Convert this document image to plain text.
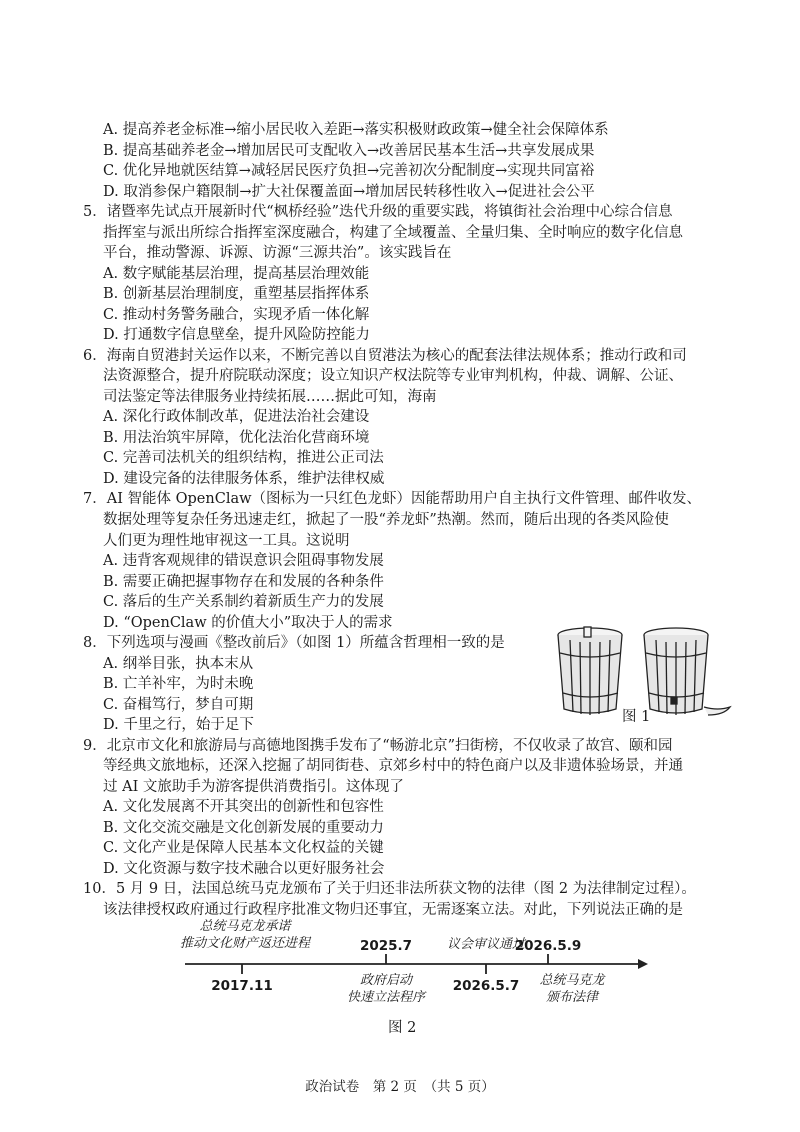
A. 提高养老金标准→缩小居民收入差距→落实积极财政政策→健全社会保障体系
B. 提高基础养老金→增加居民可支配收入→改善居民基本生活→共享发展成果
C. 优化异地就医结算→减轻居民医疗负担→完善初次分配制度→实现共同富裕
D. 取消参保户籍限制→扩大社保覆盖面→增加居民转移性收入→促进社会公平
5．诸暨率先试点开展新时代“枫桥经验”迭代升级的重要实践，将镇街社会治理中心综合信息
指挥室与派出所综合指挥室深度融合，构建了全域覆盖、全量归集、全时响应的数字化信息
平台，推动警源、诉源、访源“三源共治”。该实践旨在
A. 数字赋能基层治理，提高基层治理效能
B. 创新基层治理制度，重塑基层指挥体系
C. 推动村务警务融合，实现矛盾一体化解
D. 打通数字信息壁垒，提升风险防控能力
6．海南自贸港封关运作以来，不断完善以自贸港法为核心的配套法律法规体系；推动行政和司
法资源整合，提升府院联动深度；设立知识产权法院等专业审判机构，仲裁、调解、公证、
司法鉴定等法律服务业持续拓展……据此可知，海南
A. 深化行政体制改革，促进法治社会建设
B. 用法治筑牢屏障，优化法治化营商环境
C. 完善司法机关的组织结构，推进公正司法
D. 建设完备的法律服务体系，维护法律权威
7．AI 智能体 OpenClaw（图标为一只红色龙虾）因能帮助用户自主执行文件管理、邮件收发、
数据处理等复杂任务迅速走红，掀起了一股“养龙虾”热潮。然而，随后出现的各类风险使
人们更为理性地审视这一工具。这说明
A. 违背客观规律的错误意识会阻碍事物发展
B. 需要正确把握事物存在和发展的各种条件
C. 落后的生产关系制约着新质生产力的发展
D. “OpenClaw 的价值大小”取决于人的需求
8．下列选项与漫画《整改前后》（如图 1）所蕴含哲理相一致的是
A. 纲举目张，执本末从
B. 亡羊补牢，为时未晚
C. 奋楫笃行，梦自可期
D. 千里之行，始于足下	图 1
9．北京市文化和旅游局与高德地图携手发布了“畅游北京”扫街榜，不仅收录了故宫、颐和园
等经典文旅地标，还深入挖掘了胡同街巷、京郊乡村中的特色商户以及非遗体验场景，并通
过 AI 文旅助手为游客提供消费指引。这体现了
A. 文化发展离不开其突出的创新性和包容性
B. 文化交流交融是文化创新发展的重要动力
C. 文化产业是保障人民基本文化权益的关键
D. 文化资源与数字技术融合以更好服务社会
10．5 月 9 日，法国总统马克龙颁布了关于归还非法所获文物的法律（图 2 为法律制定过程）。
该法律授权政府通过行政程序批准文物归还事宜，无需逐案立法。对此，下列说法正确的是
总统马克龙承诺
推动文化财产返还进程	2025.7	议会审议通过
2026.5.9
2017.11	政府启动
快速立法程序
2026.5.7	总统马克龙
颁布法律
图 2
政治试卷　第 2 页　（共 5 页）
